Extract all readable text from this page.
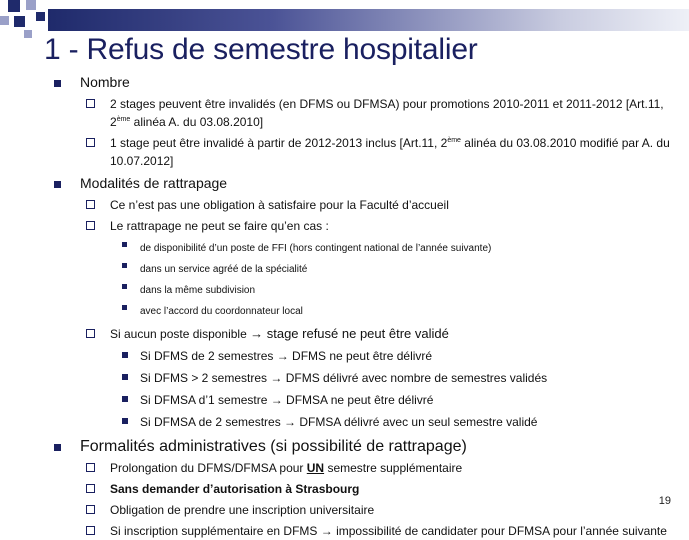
1 - Refus de semestre hospitalier
Nombre
2 stages peuvent être invalidés (en DFMS ou DFMSA) pour promotions 2010-2011 et 2011-2012 [Art.11, 2ème alinéa A. du 03.08.2010]
1 stage peut être invalidé à partir de 2012-2013 inclus [Art.11, 2ème alinéa du 03.08.2010 modifié par A. du 10.07.2012]
Modalités de rattrapage
Ce n’est pas une obligation à satisfaire pour la Faculté d’accueil
Le rattrapage ne peut se faire qu’en cas :
de disponibilité d’un poste de FFI (hors contingent national de l’année suivante)
dans un service agréé de la spécialité
dans la même subdivision
avec l’accord du coordonnateur local
Si aucun poste disponible → stage refusé ne peut être validé
Si DFMS de 2 semestres → DFMS ne peut être délivré
Si DFMS > 2 semestres → DFMS délivré avec nombre de semestres validés
Si DFMSA d’1 semestre → DFMSA ne peut être délivré
Si DFMSA de 2 semestres → DFMSA délivré avec un seul semestre validé
Formalités administratives (si possibilité de rattrapage)
Prolongation du DFMS/DFMSA pour UN semestre supplémentaire
Sans demander d’autorisation à Strasbourg
Obligation de prendre une inscription universitaire
Si inscription supplémentaire en DFMS → impossibilité de candidater pour DFMSA pour l’année suivante
19
